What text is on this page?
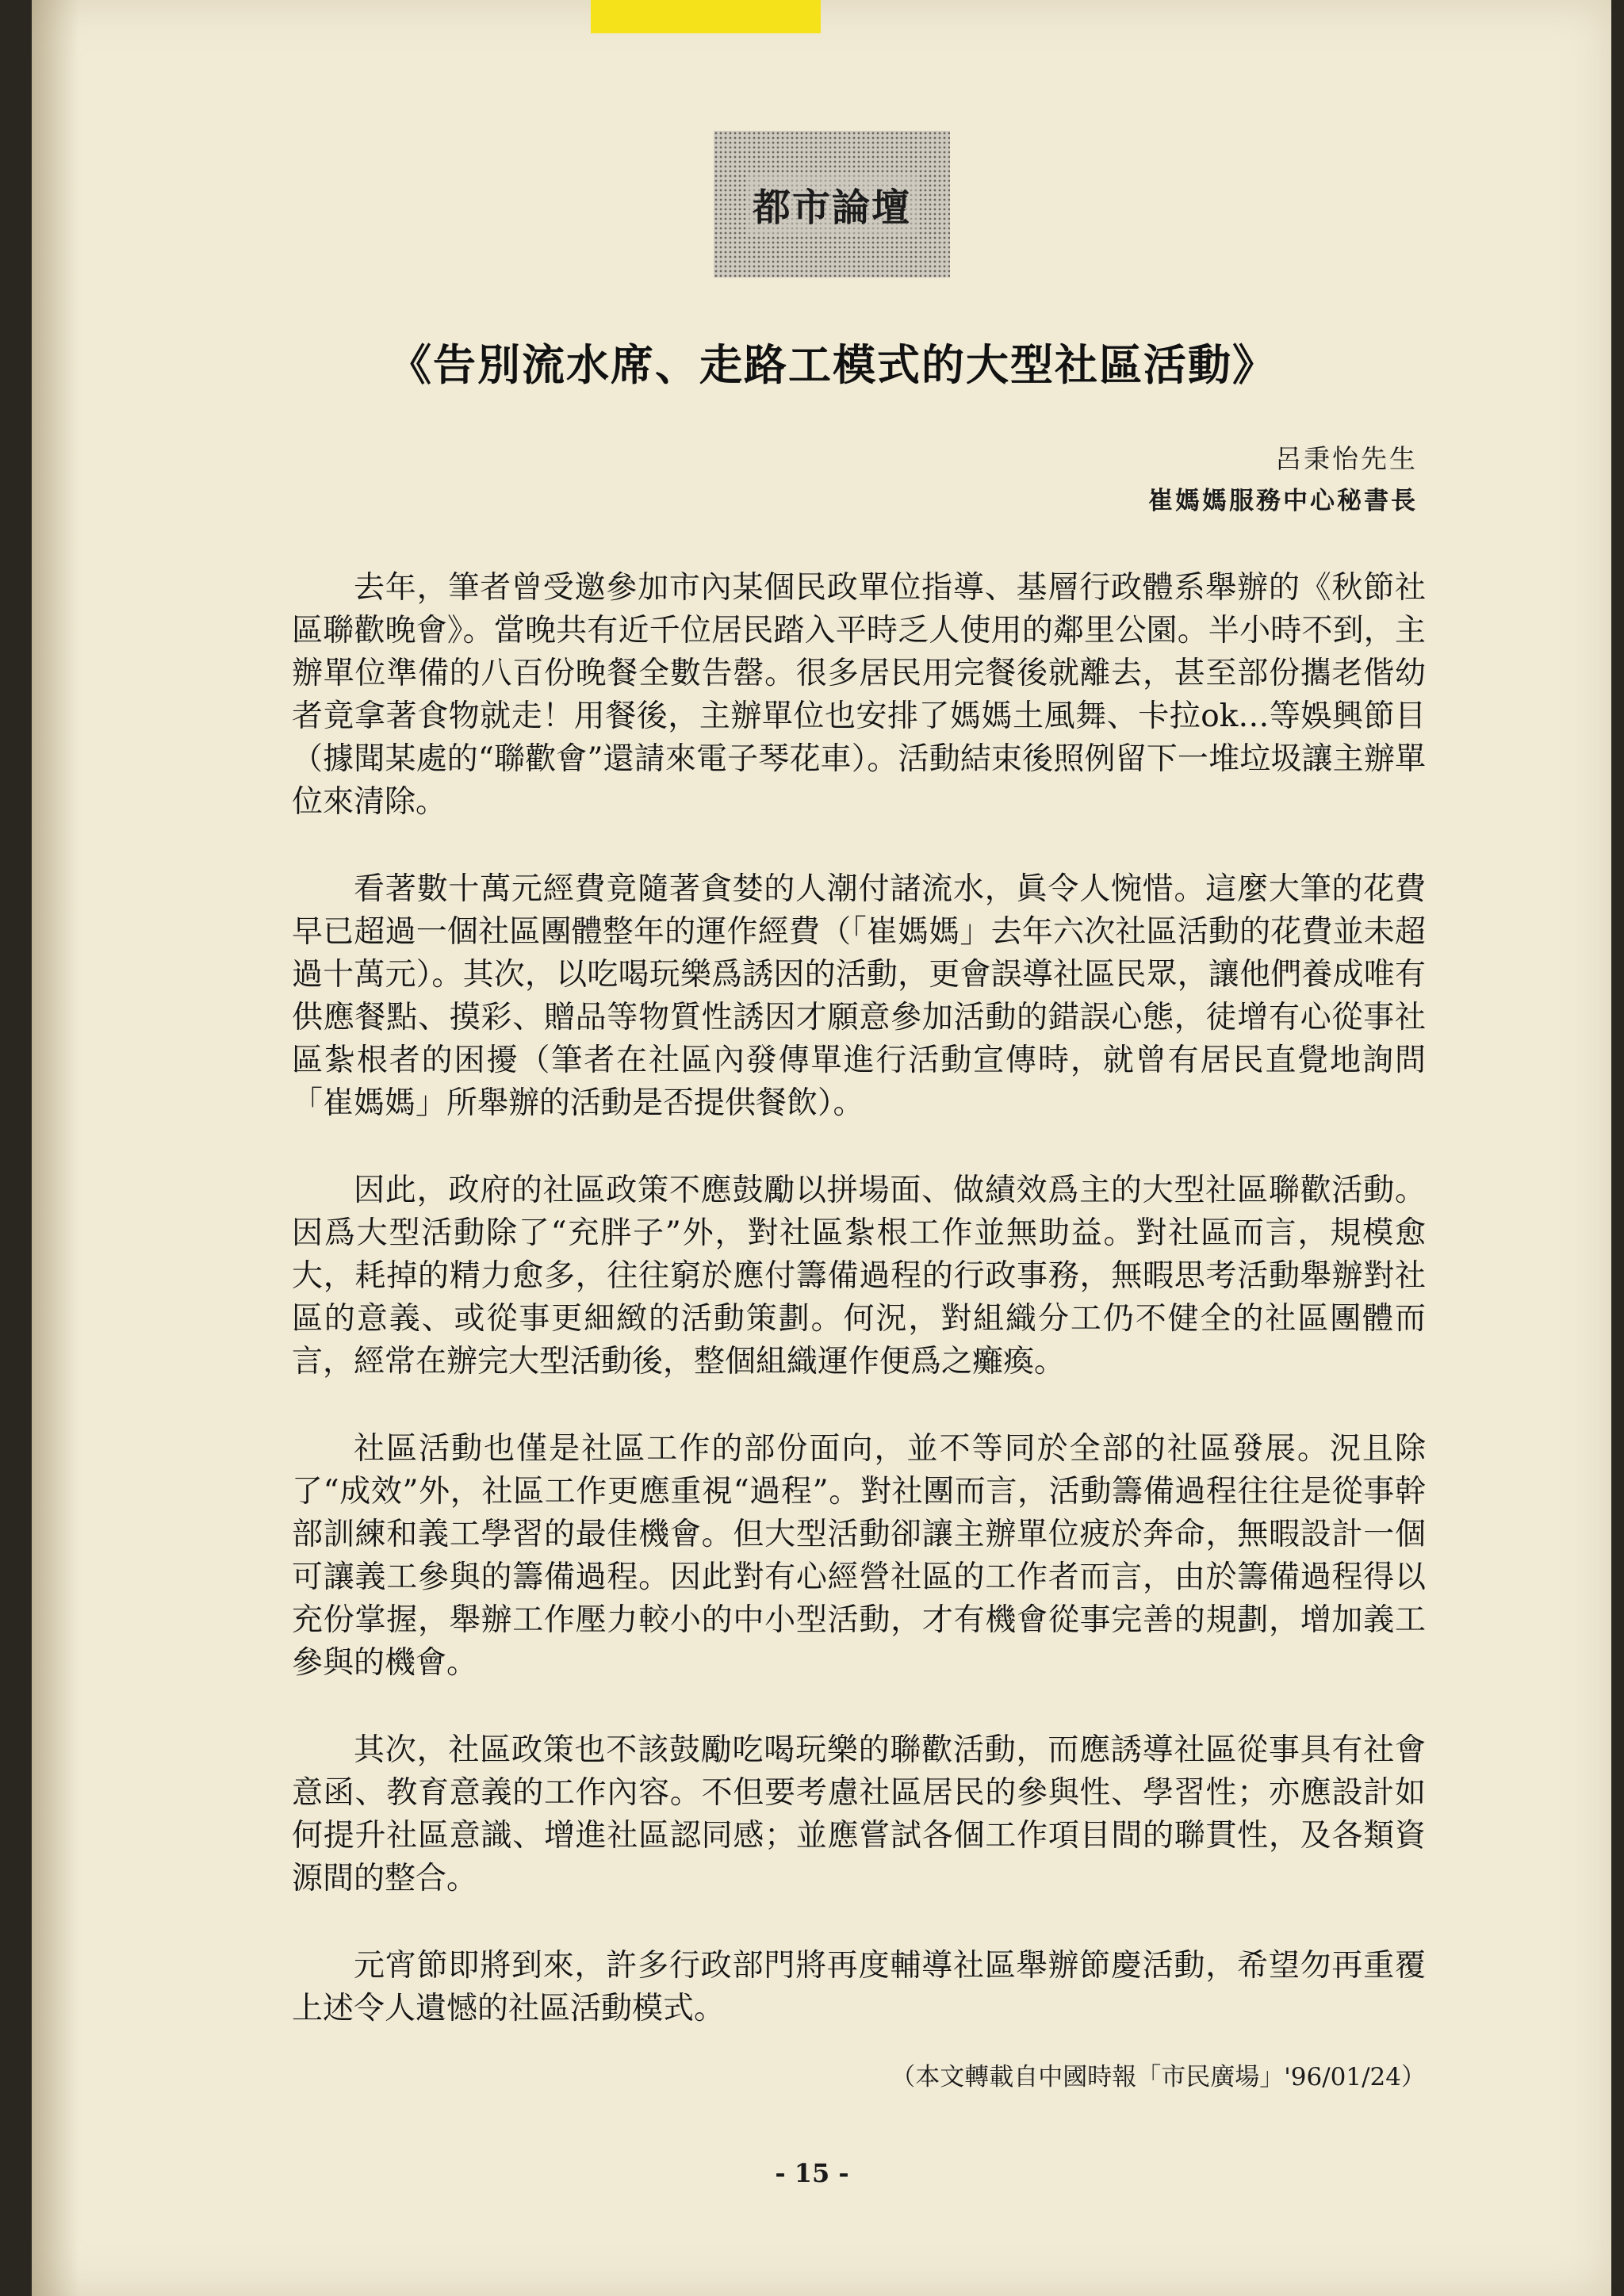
都市論壇
《告別流水席、走路工模式的大型社區活動》
呂秉怡先生
崔媽媽服務中心秘書長

去年，筆者曾受邀參加市內某個民政單位指導、基層行政體系舉辦的《秋節社區聯歡晚會》。當晚共有近千位居民踏入平時乏人使用的鄰里公園。半小時不到，主辦單位準備的八百份晚餐全數告罄。很多居民用完餐後就離去，甚至部份攜老偕幼者竟拿著食物就走！用餐後，主辦單位也安排了媽媽土風舞、卡拉ok…等娛興節目（據聞某處的“聯歡會”還請來電子琴花車）。活動結束後照例留下一堆垃圾讓主辦單位來清除。

看著數十萬元經費竟隨著貪婪的人潮付諸流水，眞令人惋惜。這麼大筆的花費早已超過一個社區團體整年的運作經費（「崔媽媽」去年六次社區活動的花費並未超過十萬元）。其次，以吃喝玩樂爲誘因的活動，更會誤導社區民眾，讓他們養成唯有供應餐點、摸彩、贈品等物質性誘因才願意參加活動的錯誤心態，徒增有心從事社區紮根者的困擾（筆者在社區內發傳單進行活動宣傳時，就曾有居民直覺地詢問「崔媽媽」所舉辦的活動是否提供餐飲）。

因此，政府的社區政策不應鼓勵以拼場面、做績效爲主的大型社區聯歡活動。因爲大型活動除了“充胖子”外，對社區紮根工作並無助益。對社區而言，規模愈大，耗掉的精力愈多，往往窮於應付籌備過程的行政事務，無暇思考活動舉辦對社區的意義、或從事更細緻的活動策劃。何況，對組織分工仍不健全的社區團體而言，經常在辦完大型活動後，整個組織運作便爲之癱瘓。

社區活動也僅是社區工作的部份面向，並不等同於全部的社區發展。況且除了“成效”外，社區工作更應重視“過程”。對社團而言，活動籌備過程往往是從事幹部訓練和義工學習的最佳機會。但大型活動卻讓主辦單位疲於奔命，無暇設計一個可讓義工參與的籌備過程。因此對有心經營社區的工作者而言，由於籌備過程得以充份掌握，舉辦工作壓力較小的中小型活動，才有機會從事完善的規劃，增加義工參與的機會。

其次，社區政策也不該鼓勵吃喝玩樂的聯歡活動，而應誘導社區從事具有社會意函、教育意義的工作內容。不但要考慮社區居民的參與性、學習性；亦應設計如何提升社區意識、增進社區認同感；並應嘗試各個工作項目間的聯貫性，及各類資源間的整合。

元宵節即將到來，許多行政部門將再度輔導社區舉辦節慶活動，希望勿再重覆上述令人遺憾的社區活動模式。

（本文轉載自中國時報「市民廣場」'96/01/24）
- 15 -
